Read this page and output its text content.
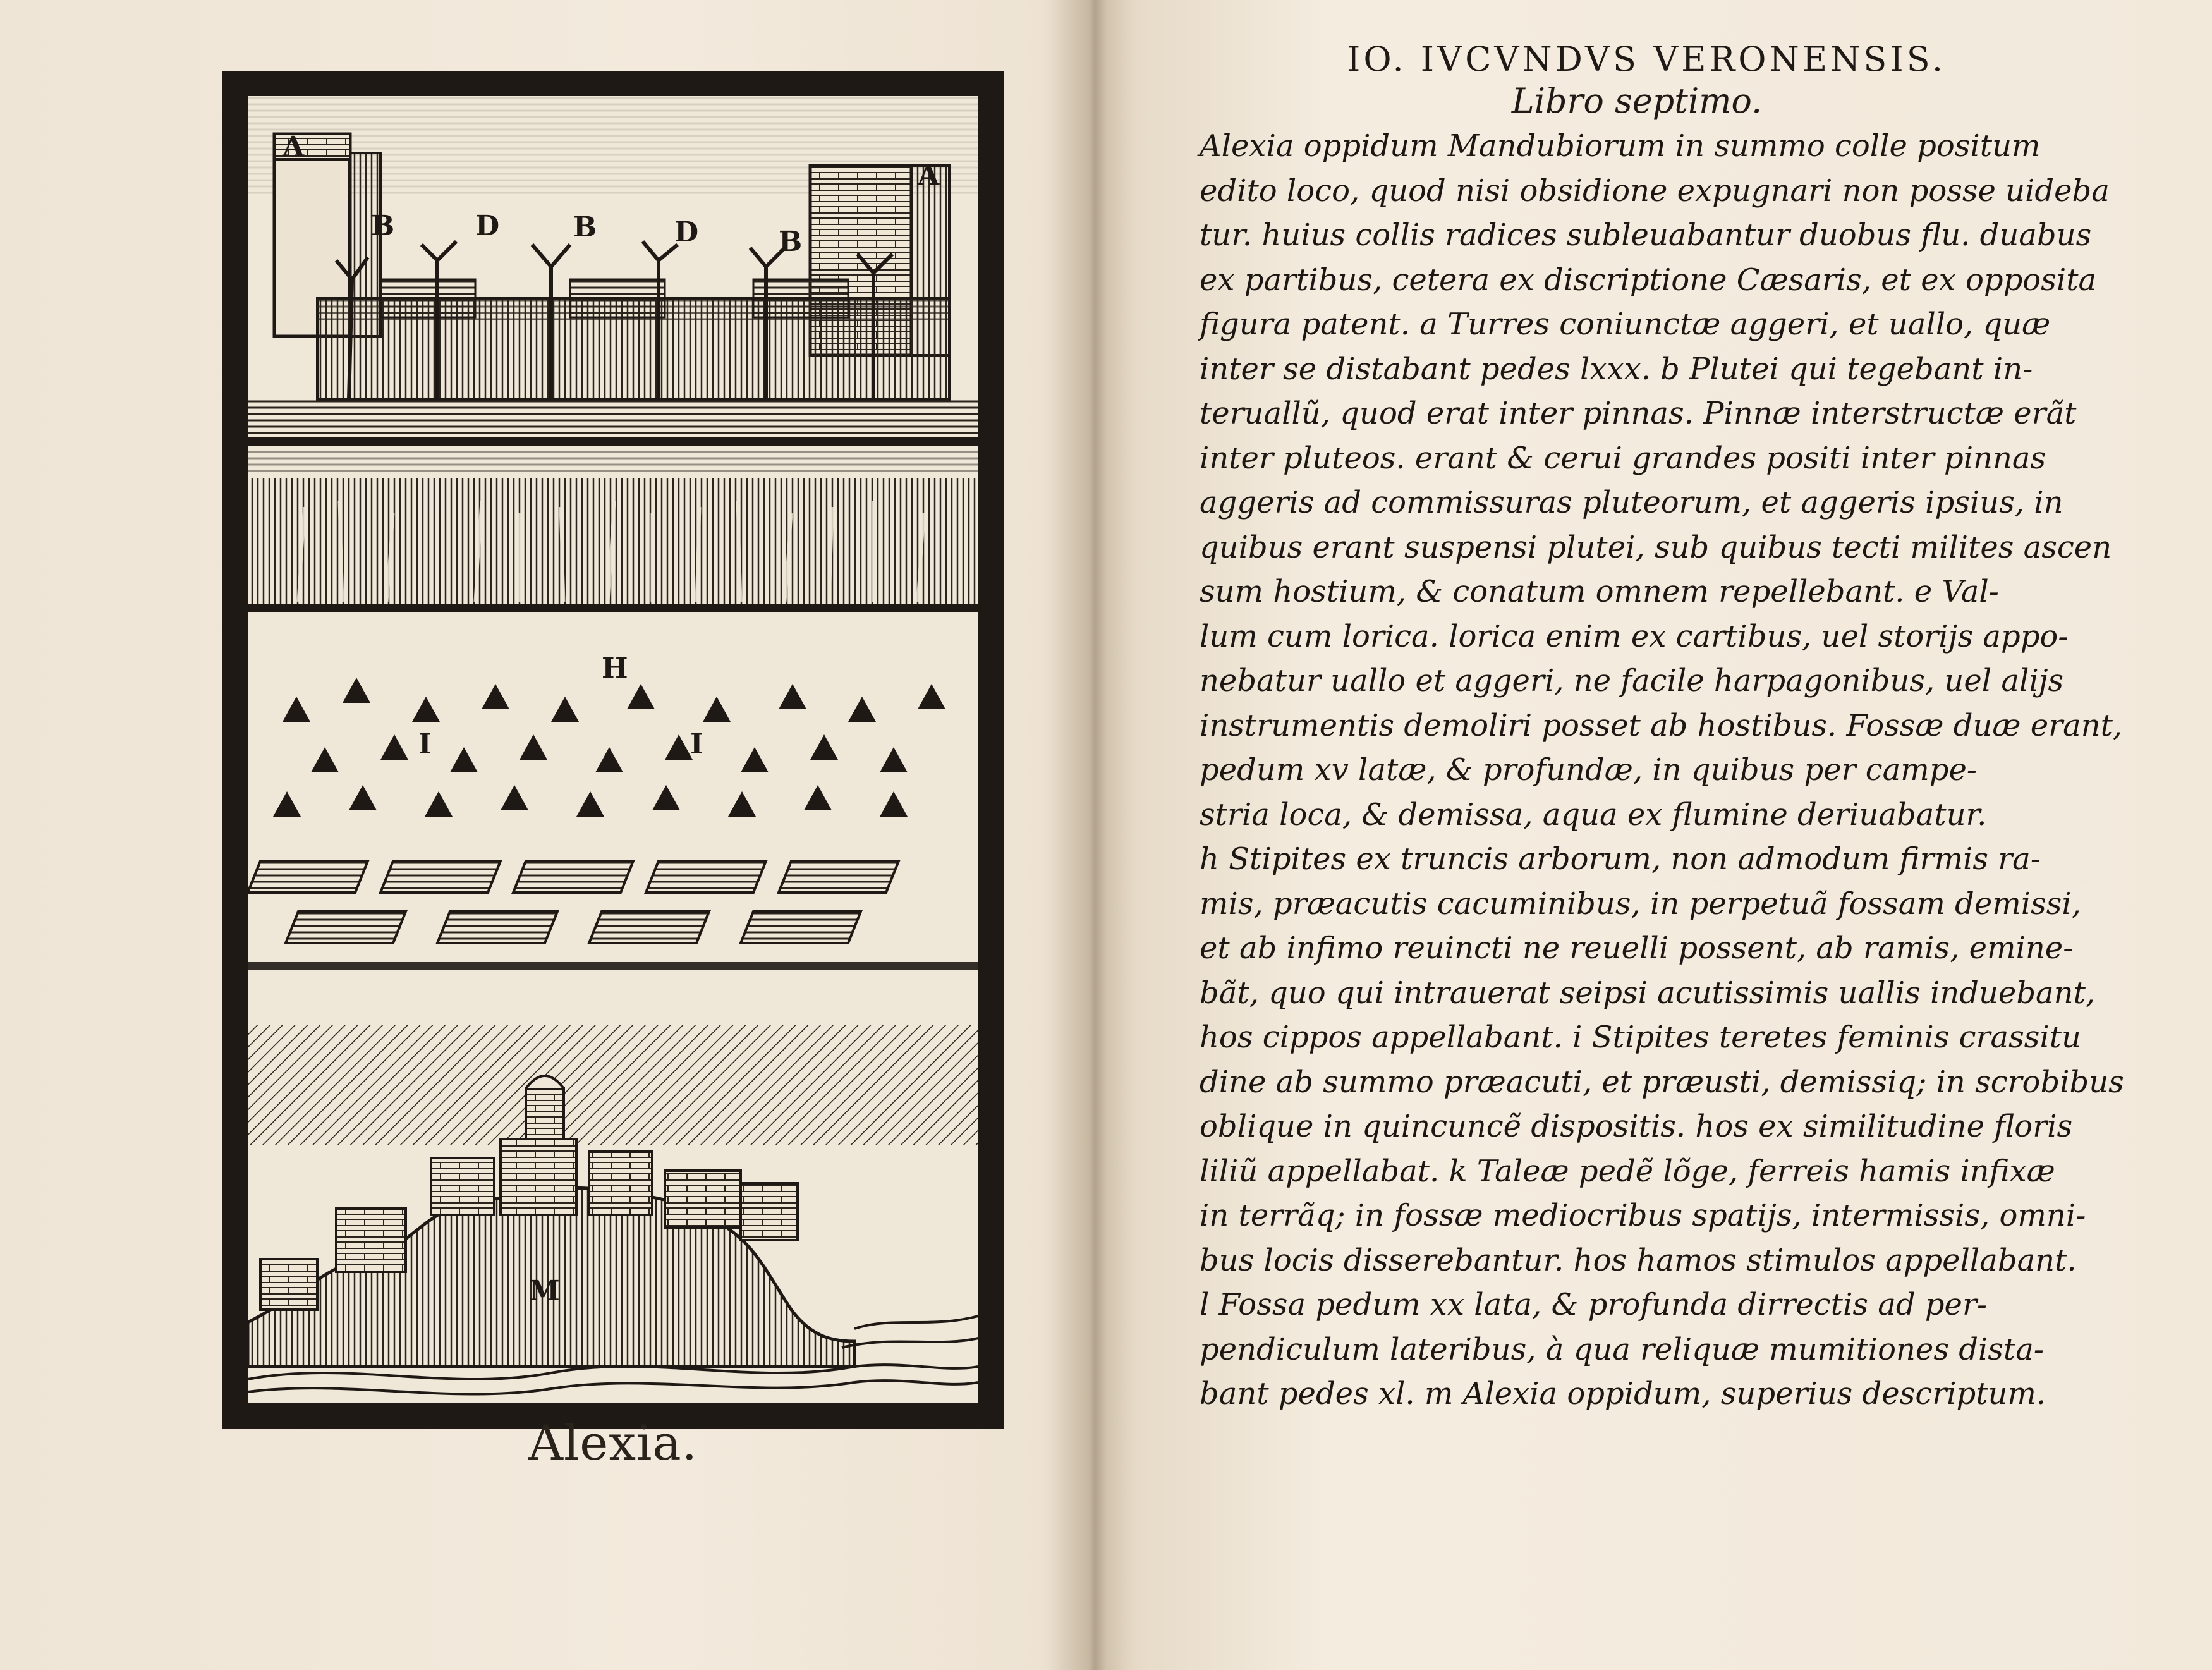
A
A
B	D	B	D	B
H
I	I
M
Alexia.
IO. IVCVNDVS VERONENSIS.
Libro septimo.
Alexia oppidum Mandubiorum in summo colle positum
edito loco, quod nisi obsidione expugnari non posse uideba
tur. huius collis radices subleuabantur duobus flu. duabus
ex partibus, cetera ex discriptione Cæsaris, et ex opposita
figura patent. a Turres coniunctæ aggeri, et uallo, quæ
inter se distabant pedes lxxx. b Plutei qui tegebant in-
teruallũ, quod erat inter pinnas. Pinnæ interstructæ erãt
inter pluteos. erant & cerui grandes positi inter pinnas
aggeris ad commissuras pluteorum, et aggeris ipsius, in
quibus erant suspensi plutei, sub quibus tecti milites ascen
sum hostium, & conatum omnem repellebant. e Val-
lum cum lorica. lorica enim ex cartibus, uel storijs appo-
nebatur uallo et aggeri, ne facile harpagonibus, uel alijs
instrumentis demoliri posset ab hostibus. Fossæ duæ erant,
pedum xv latæ, & profundæ, in quibus per campe-
stria loca, & demissa, aqua ex flumine deriuabatur.
h Stipites ex truncis arborum, non admodum firmis ra-
mis, præacutis cacuminibus, in perpetuã fossam demissi,
et ab infimo reuincti ne reuelli possent, ab ramis, emine-
bãt, quo qui intrauerat seipsi acutissimis uallis induebant,
hos cippos appellabant. i Stipites teretes feminis crassitu
dine ab summo præacuti, et præusti, demissiq; in scrobibus
oblique in quincuncẽ dispositis. hos ex similitudine floris
liliũ appellabat. k Taleæ pedẽ lõge, ferreis hamis infixæ
in terrãq; in fossæ mediocribus spatijs, intermissis, omni-
bus locis disserebantur. hos hamos stimulos appellabant.
l Fossa pedum xx lata, & profunda dirrectis ad per-
pendiculum lateribus, à qua reliquæ mumitiones dista-
bant pedes xl. m Alexia oppidum, superius descriptum.
